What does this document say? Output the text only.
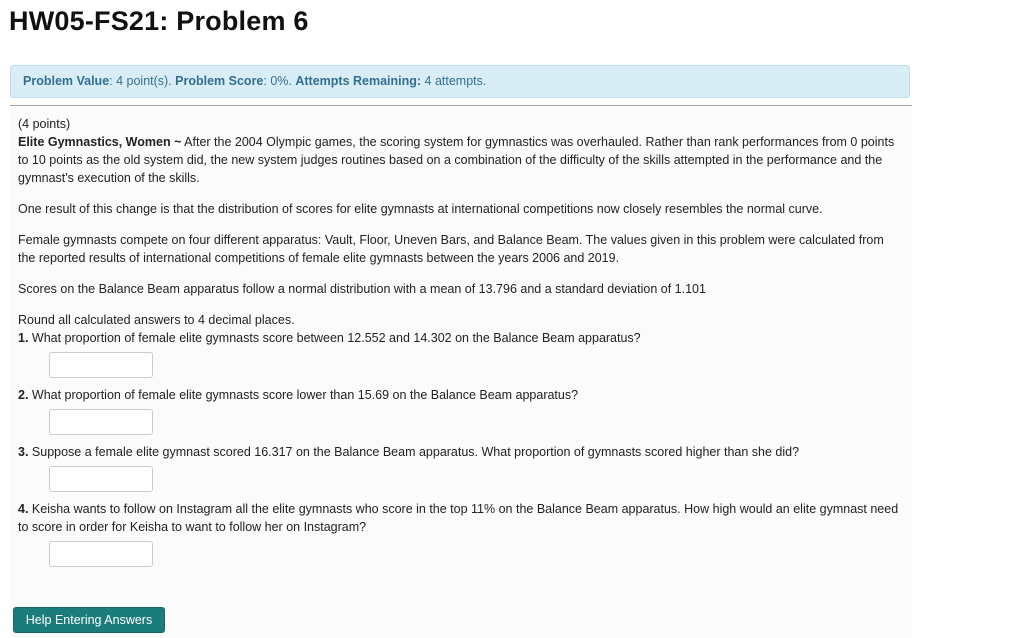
HW05-FS21: Problem 6
Problem Value: 4 point(s). Problem Score: 0%. Attempts Remaining: 4 attempts.

(4 points)

Elite Gymnastics, Women ~ After the 2004 Olympic games, the scoring system for gymnastics was overhauled. Rather than rank performances from 0 points to 10 points as the old system did, the new system judges routines based on a combination of the difficulty of the skills attempted in the performance and the gymnast's execution of the skills.

One result of this change is that the distribution of scores for elite gymnasts at international competitions now closely resembles the normal curve.

Female gymnasts compete on four different apparatus: Vault, Floor, Uneven Bars, and Balance Beam. The values given in this problem were calculated from the reported results of international competitions of female elite gymnasts between the years 2006 and 2019.

Scores on the Balance Beam apparatus follow a normal distribution with a mean of 13.796 and a standard deviation of 1.101

Round all calculated answers to 4 decimal places.

1. What proportion of female elite gymnasts score between 12.552 and 14.302 on the Balance Beam apparatus?

2. What proportion of female elite gymnasts score lower than 15.69 on the Balance Beam apparatus?

3. Suppose a female elite gymnast scored 16.317 on the Balance Beam apparatus. What proportion of gymnasts scored higher than she did?

4. Keisha wants to follow on Instagram all the elite gymnasts who score in the top 11% on the Balance Beam apparatus. How high would an elite gymnast need to score in order for Keisha to want to follow her on Instagram?

Help Entering Answers
